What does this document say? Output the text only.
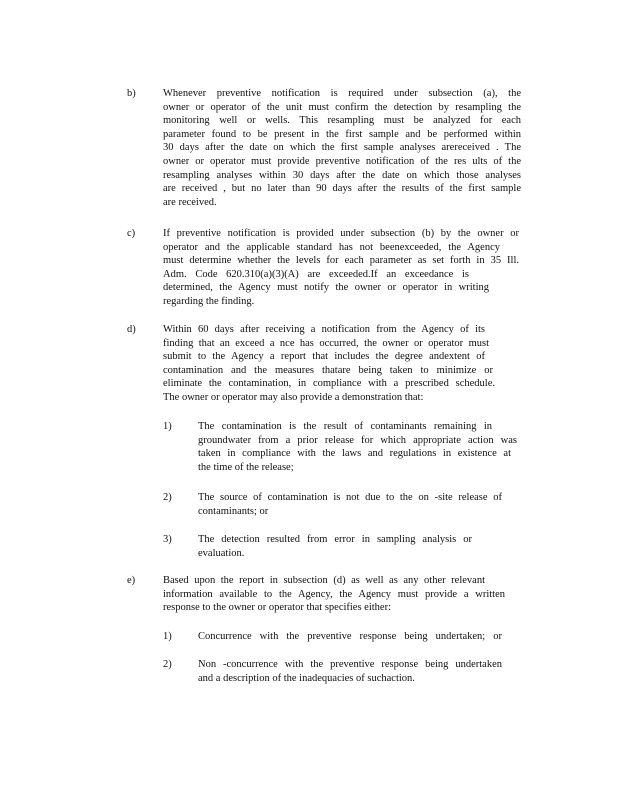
b)	Whenever preventive notification is required under subsection (a), the
owner or operator of the unit must confirm the detection by resampling the
monitoring well or wells. This resampling must be analyzed for each
parameter found to be present in the first sample and be performed within
30 days after the date on which the first sample analyses arereceived . The
owner or operator must provide preventive notification of the res ults of the
resampling analyses within 30 days after the date on which those analyses
are received , but no later than 90 days after the results of the first sample
are received.
c)	If preventive notification is provided under subsection (b) by the owner or
operator and the applicable standard has not beenexceeded, the Agency
must determine whether the levels for each parameter as set forth in 35 Ill.
Adm. Code 620.310(a)(3)(A) are exceeded.If an exceedance is
determined, the Agency must notify the owner or operator in writing
regarding the finding.
d)	Within 60 days after receiving a notification from the Agency of its
finding that an exceed a nce has occurred, the owner or operator must
submit to the Agency a report that includes the degree andextent of
contamination and the measures thatare being taken to minimize or
eliminate the contamination, in compliance with a prescribed schedule.
The owner or operator may also provide a demonstration that:
1)	The contamination is the result of contaminants remaining in
groundwater from a prior release for which appropriate action was
taken in compliance with the laws and regulations in existence at
the time of the release;
2)	The source of contamination is not due to the on -site release of
contaminants; or
3)	The detection resulted from error in sampling analysis or
evaluation.
e)	Based upon the report in subsection (d) as well as any other relevant
information available to the Agency, the Agency must provide a written
response to the owner or operator that specifies either:
1)	Concurrence with the preventive response being undertaken; or
2)	Non -concurrence with the preventive response being undertaken
and a description of the inadequacies of suchaction.
